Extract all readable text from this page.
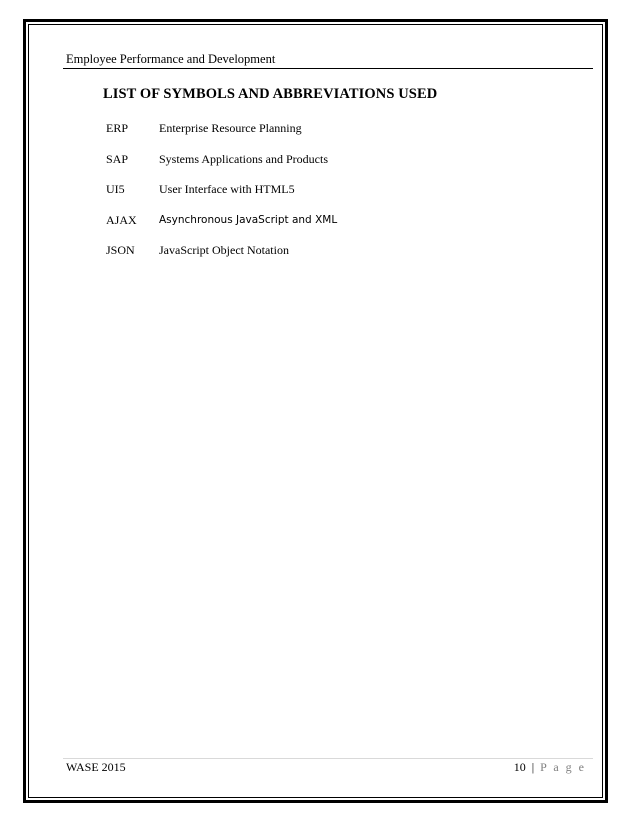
Employee Performance and Development
LIST OF SYMBOLS AND ABBREVIATIONS USED
ERP	Enterprise Resource Planning
SAP	Systems Applications and Products
UI5	User Interface with HTML5
AJAX	Asynchronous JavaScript and XML
JSON	JavaScript Object Notation
WASE 2015	10 | P a g e
